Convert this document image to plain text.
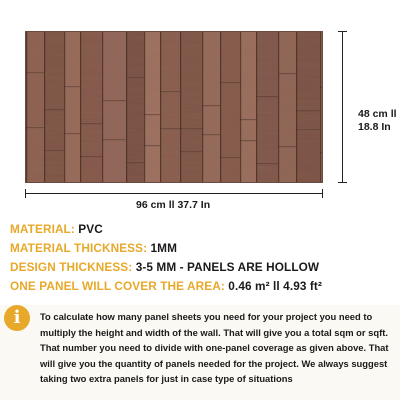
48 cm ll
18.8 In
96 cm ll 37.7 In
MATERIAL: PVC
MATERIAL THICKNESS: 1MM
DESIGN THICKNESS: 3-5 MM - PANELS ARE HOLLOW
ONE PANEL WILL COVER THE AREA: 0.46 m² ll 4.93 ft²
i	To calculate how many panel sheets you need for your project you need to multiply the height and width of the wall. That will give you a total sqm or sqft. That number you need to divide with one-panel coverage as given above. That will give you the quantity of panels needed for the project. We always suggest taking two extra panels for just in case type of situations
